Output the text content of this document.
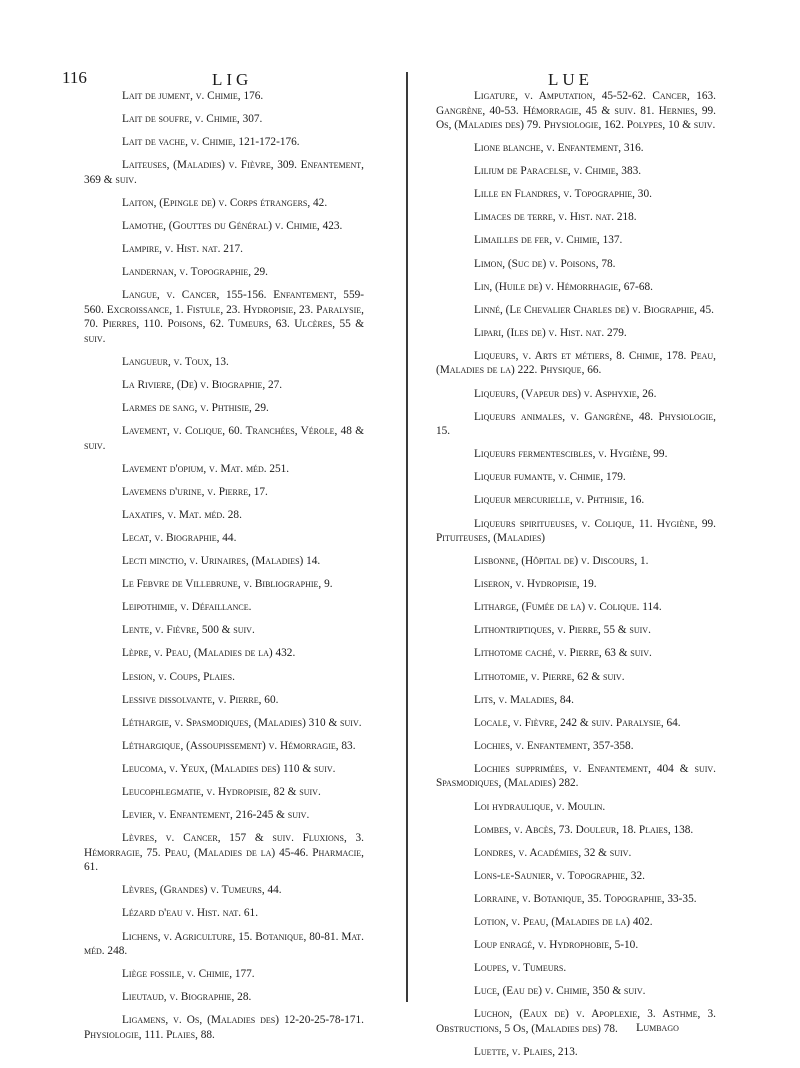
116	LIG	LUE

Lait de jument, v. Chimie, 176.

Lait de soufre, v. Chimie, 307.

Lait de vache, v. Chimie, 121-172-176.

Laiteuses, (Maladies) v. Fièvre, 309. Enfantement, 369 & suiv.

Laiton, (Epingle de) v. Corps étrangers, 42.

Lamothe, (Gouttes du Général) v. Chimie, 423.

Lampire, v. Hist. nat. 217.

Landernan, v. Topographie, 29.

Langue, v. Cancer, 155-156. Enfantement, 559-560. Excroissance, 1. Fistule, 23. Hydropisie, 23. Paralysie, 70. Pierres, 110. Poisons, 62. Tumeurs, 63. Ulcères, 55 & suiv.

Langueur, v. Toux, 13.

La Riviere, (De) v. Biographie, 27.

Larmes de sang, v. Phthisie, 29.

Lavement, v. Colique, 60. Tranchées, Vérole, 48 & suiv.

Lavement d'opium, v. Mat. méd. 251.

Lavemens d'urine, v. Pierre, 17.

Laxatifs, v. Mat. méd. 28.

Lecat, v. Biographie, 44.

Lecti minctio, v. Urinaires, (Maladies) 14.

Le Febvre de Villebrune, v. Bibliographie, 9.

Leipothimie, v. Défaillance.

Lente, v. Fièvre, 500 & suiv.

Lèpre, v. Peau, (Maladies de la) 432.

Lesion, v. Coups, Plaies.

Lessive dissolvante, v. Pierre, 60.

Léthargie, v. Spasmodiques, (Maladies) 310 & suiv.

Léthargique, (Assoupissement) v. Hémorragie, 83.

Leucoma, v. Yeux, (Maladies des) 110 & suiv.

Leucophlegmatie, v. Hydropisie, 82 & suiv.

Levier, v. Enfantement, 216-245 & suiv.

Lèvres, v. Cancer, 157 & suiv. Fluxions, 3. Hémorragie, 75. Peau, (Maladies de la) 45-46. Pharmacie, 61.

Lèvres, (Grandes) v. Tumeurs, 44.

Lézard d'eau v. Hist. nat. 61.

Lichens, v. Agriculture, 15. Botanique, 80-81. Mat. méd. 248.

Liège fossile, v. Chimie, 177.

Lieutaud, v. Biographie, 28.

Ligamens, v. Os, (Maladies des) 12-20-25-78-171. Physiologie, 111. Plaies, 88.

Ligature, v. Amputation, 45-52-62. Cancer, 163. Gangrène, 40-53. Hémorragie, 45 & suiv. 81. Hernies, 99. Os, (Maladies des) 79. Physiologie, 162. Polypes, 10 & suiv.

Lione blanche, v. Enfantement, 316.

Lilium de Paracelse, v. Chimie, 383.

Lille en Flandres, v. Topographie, 30.

Limaces de terre, v. Hist. nat. 218.

Limailles de fer, v. Chimie, 137.

Limon, (Suc de) v. Poisons, 78.

Lin, (Huile de) v. Hémorrhagie, 67-68.

Linné, (Le Chevalier Charles de) v. Biographie, 45.

Lipari, (Iles de) v. Hist. nat. 279.

Liqueurs, v. Arts et métiers, 8. Chimie, 178. Peau, (Maladies de la) 222. Physique, 66.

Liqueurs, (Vapeur des) v. Asphyxie, 26.

Liqueurs animales, v. Gangrène, 48. Physiologie, 15.

Liqueurs fermentescibles, v. Hygiène, 99.

Liqueur fumante, v. Chimie, 179.

Liqueur mercurielle, v. Phthisie, 16.

Liqueurs spiritueuses, v. Colique, 11. Hygiène, 99. Pituiteuses, (Maladies)

Lisbonne, (Hôpital de) v. Discours, 1.

Liseron, v. Hydropisie, 19.

Litharge, (Fumée de la) v. Colique. 114.

Lithontriptiques, v. Pierre, 55 & suiv.

Lithotome caché, v. Pierre, 63 & suiv.

Lithotomie, v. Pierre, 62 & suiv.

Lits, v. Maladies, 84.

Locale, v. Fièvre, 242 & suiv. Paralysie, 64.

Lochies, v. Enfantement, 357-358.

Lochies supprimées, v. Enfantement, 404 & suiv. Spasmodiques, (Maladies) 282.

Loi hydraulique, v. Moulin.

Lombes, v. Abcès, 73. Douleur, 18. Plaies, 138.

Londres, v. Académies, 32 & suiv.

Lons-le-Saunier, v. Topographie, 32.

Lorraine, v. Botanique, 35. Topographie, 33-35.

Lotion, v. Peau, (Maladies de la) 402.

Loup enragé, v. Hydrophobie, 5-10.

Loupes, v. Tumeurs.

Luce, (Eau de) v. Chimie, 350 & suiv.

Luchon, (Eaux de) v. Apoplexie, 3. Asthme, 3. Obstructions, 5 Os, (Maladies des) 78.

Luette, v. Plaies, 213.

Lumbago
